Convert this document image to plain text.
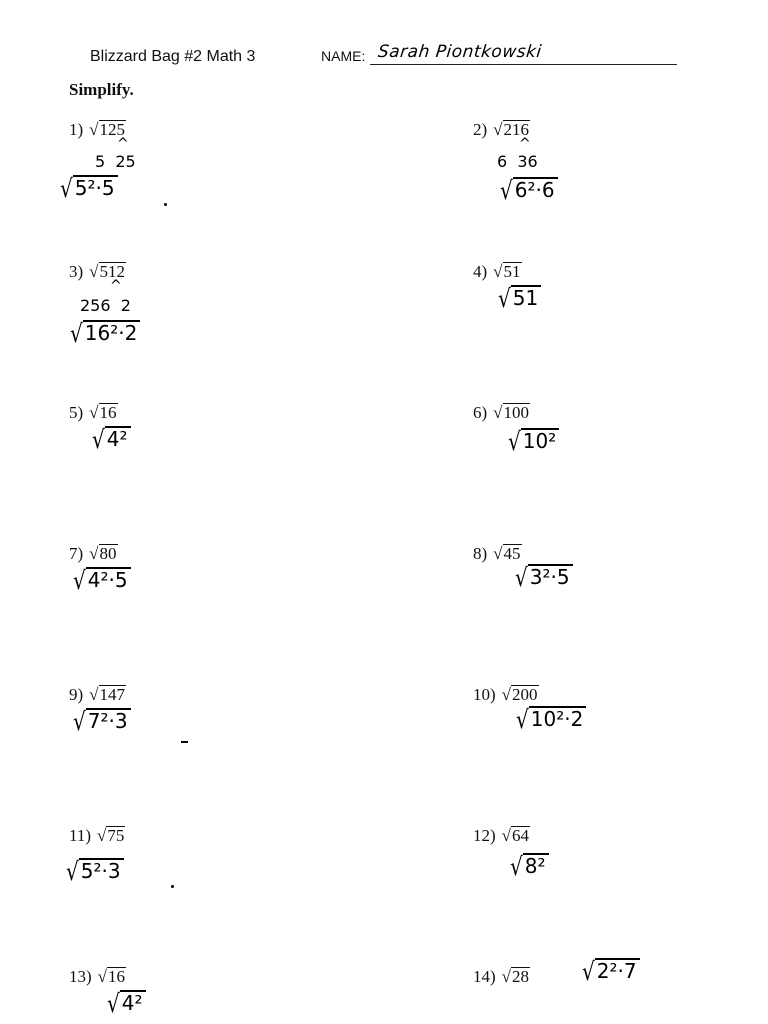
Blizzard Bag #2 Math 3	NAME: Sarah Piontkowski
Simplify.
1) √125
^
5  25
√ 5²·5
2) √216
^
6  36
√ 6²·6
3) √512
^
256  2
√ 16²·2
4) √51
√ 51
5) √16
√ 4²
6) √100
√ 10²
7) √80
√ 4²·5
8) √45
√ 3²·5
9) √147
√ 7²·3
10) √200
√ 10²·2
11) √75
√ 5²·3
12) √64
√ 8²
13) √16
√ 4²
14) √28	√ 2²·7
